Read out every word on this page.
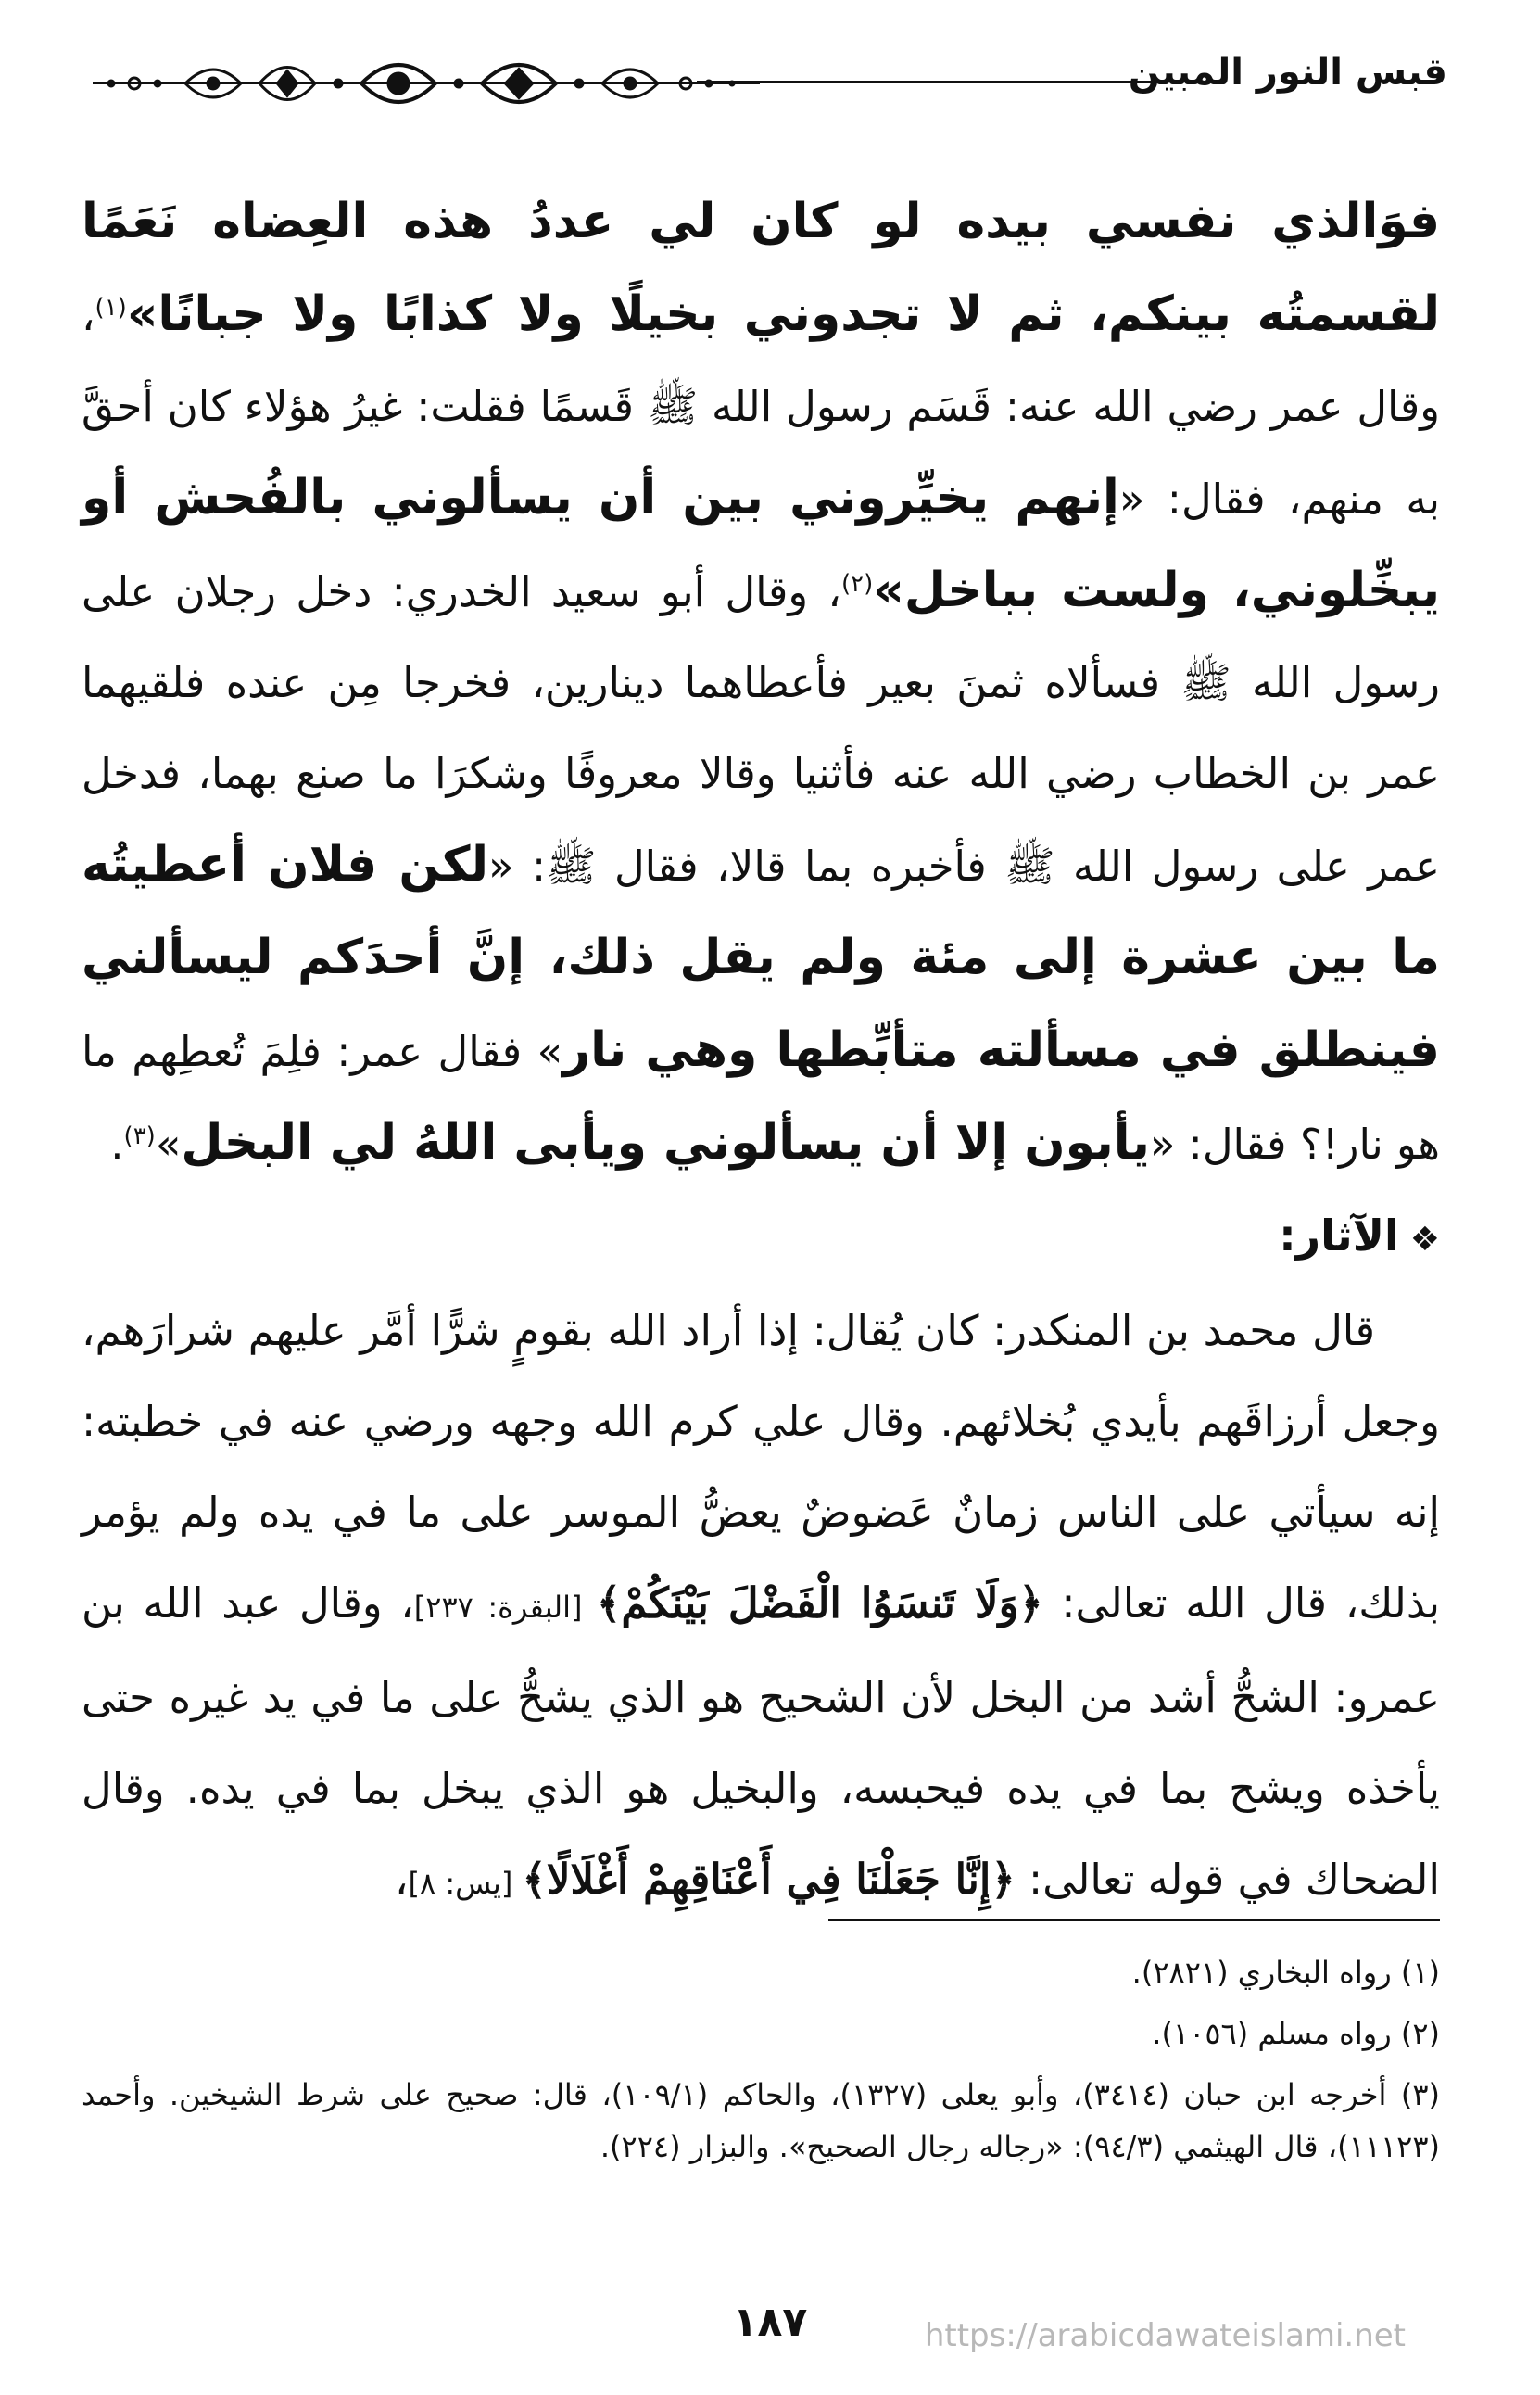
قبس النور المبين

فوَالذي نفسي بيده لو كان لي عددُ هذه العِضاه نَعَمًا لقسمتُه بينكم، ثم لا تجدوني بخيلًا ولا كذابًا ولا جبانًا»$^{(١)}$، وقال عمر رضي الله عنه: قَسَم رسول الله ﷺ قَسمًا فقلت: غيرُ هؤلاء كان أحقَّ به منهم، فقال: «إنهم يخيِّروني بين أن يسألوني بالفُحش أو يبخِّلوني، ولست بباخل»$^{(٢)}$، وقال أبو سعيد الخدري: دخل رجلان على رسول الله ﷺ فسألاه ثمنَ بعير فأعطاهما دينارين، فخرجا مِن عنده فلقيهما عمر بن الخطاب رضي الله عنه فأثنيا وقالا معروفًا وشكرَا ما صنع بهما، فدخل عمر على رسول الله ﷺ فأخبره بما قالا، فقال ﷺ: «لكن فلان أعطيتُه ما بين عشرة إلى مئة ولم يقل ذلك، إنَّ أحدَكم ليسألني فينطلق في مسألته متأبِّطها وهي نار» فقال عمر: فلِمَ تُعطِهم ما هو نار!؟ فقال: «يأبون إلا أن يسألوني ويأبى اللهُ لي البخل»$^{(٣)}$.

❖الآثار:

قال محمد بن المنكدر: كان يُقال: إذا أراد الله بقومٍ شرًّا أمَّر عليهم شرارَهم، وجعل أرزاقَهم بأيدي بُخلائهم. وقال علي كرم الله وجهه ورضي عنه في خطبته: إنه سيأتي على الناس زمانٌ عَضوضٌ يعضُّ الموسر على ما في يده ولم يؤمر بذلك، قال الله تعالى: ﴿وَلَا تَنسَوُا الْفَضْلَ بَيْنَكُمْ﴾ [البقرة: ٢٣٧]، وقال عبد الله بن عمرو: الشحُّ أشد من البخل لأن الشحيح هو الذي يشحُّ على ما في يد غيره حتى يأخذه ويشح بما في يده فيحبسه، والبخيل هو الذي يبخل بما في يده. وقال الضحاك في قوله تعالى: ﴿إِنَّا جَعَلْنَا فِي أَعْنَاقِهِمْ أَغْلَالًا﴾ [يس: ٨]،

(١) رواه البخاري (٢٨٢١).

(٢) رواه مسلم (١٠٥٦).

(٣) أخرجه ابن حبان (٣٤١٤)، وأبو يعلى (١٣٢٧)، والحاكم (١٠٩/١)، قال: صحيح على شرط الشيخين. وأحمد (١١١٢٣)، قال الهيثمي (٩٤/٣): «رجاله رجال الصحيح». والبزار (٢٢٤).

١٨٧	https://arabicdawateislami.net
